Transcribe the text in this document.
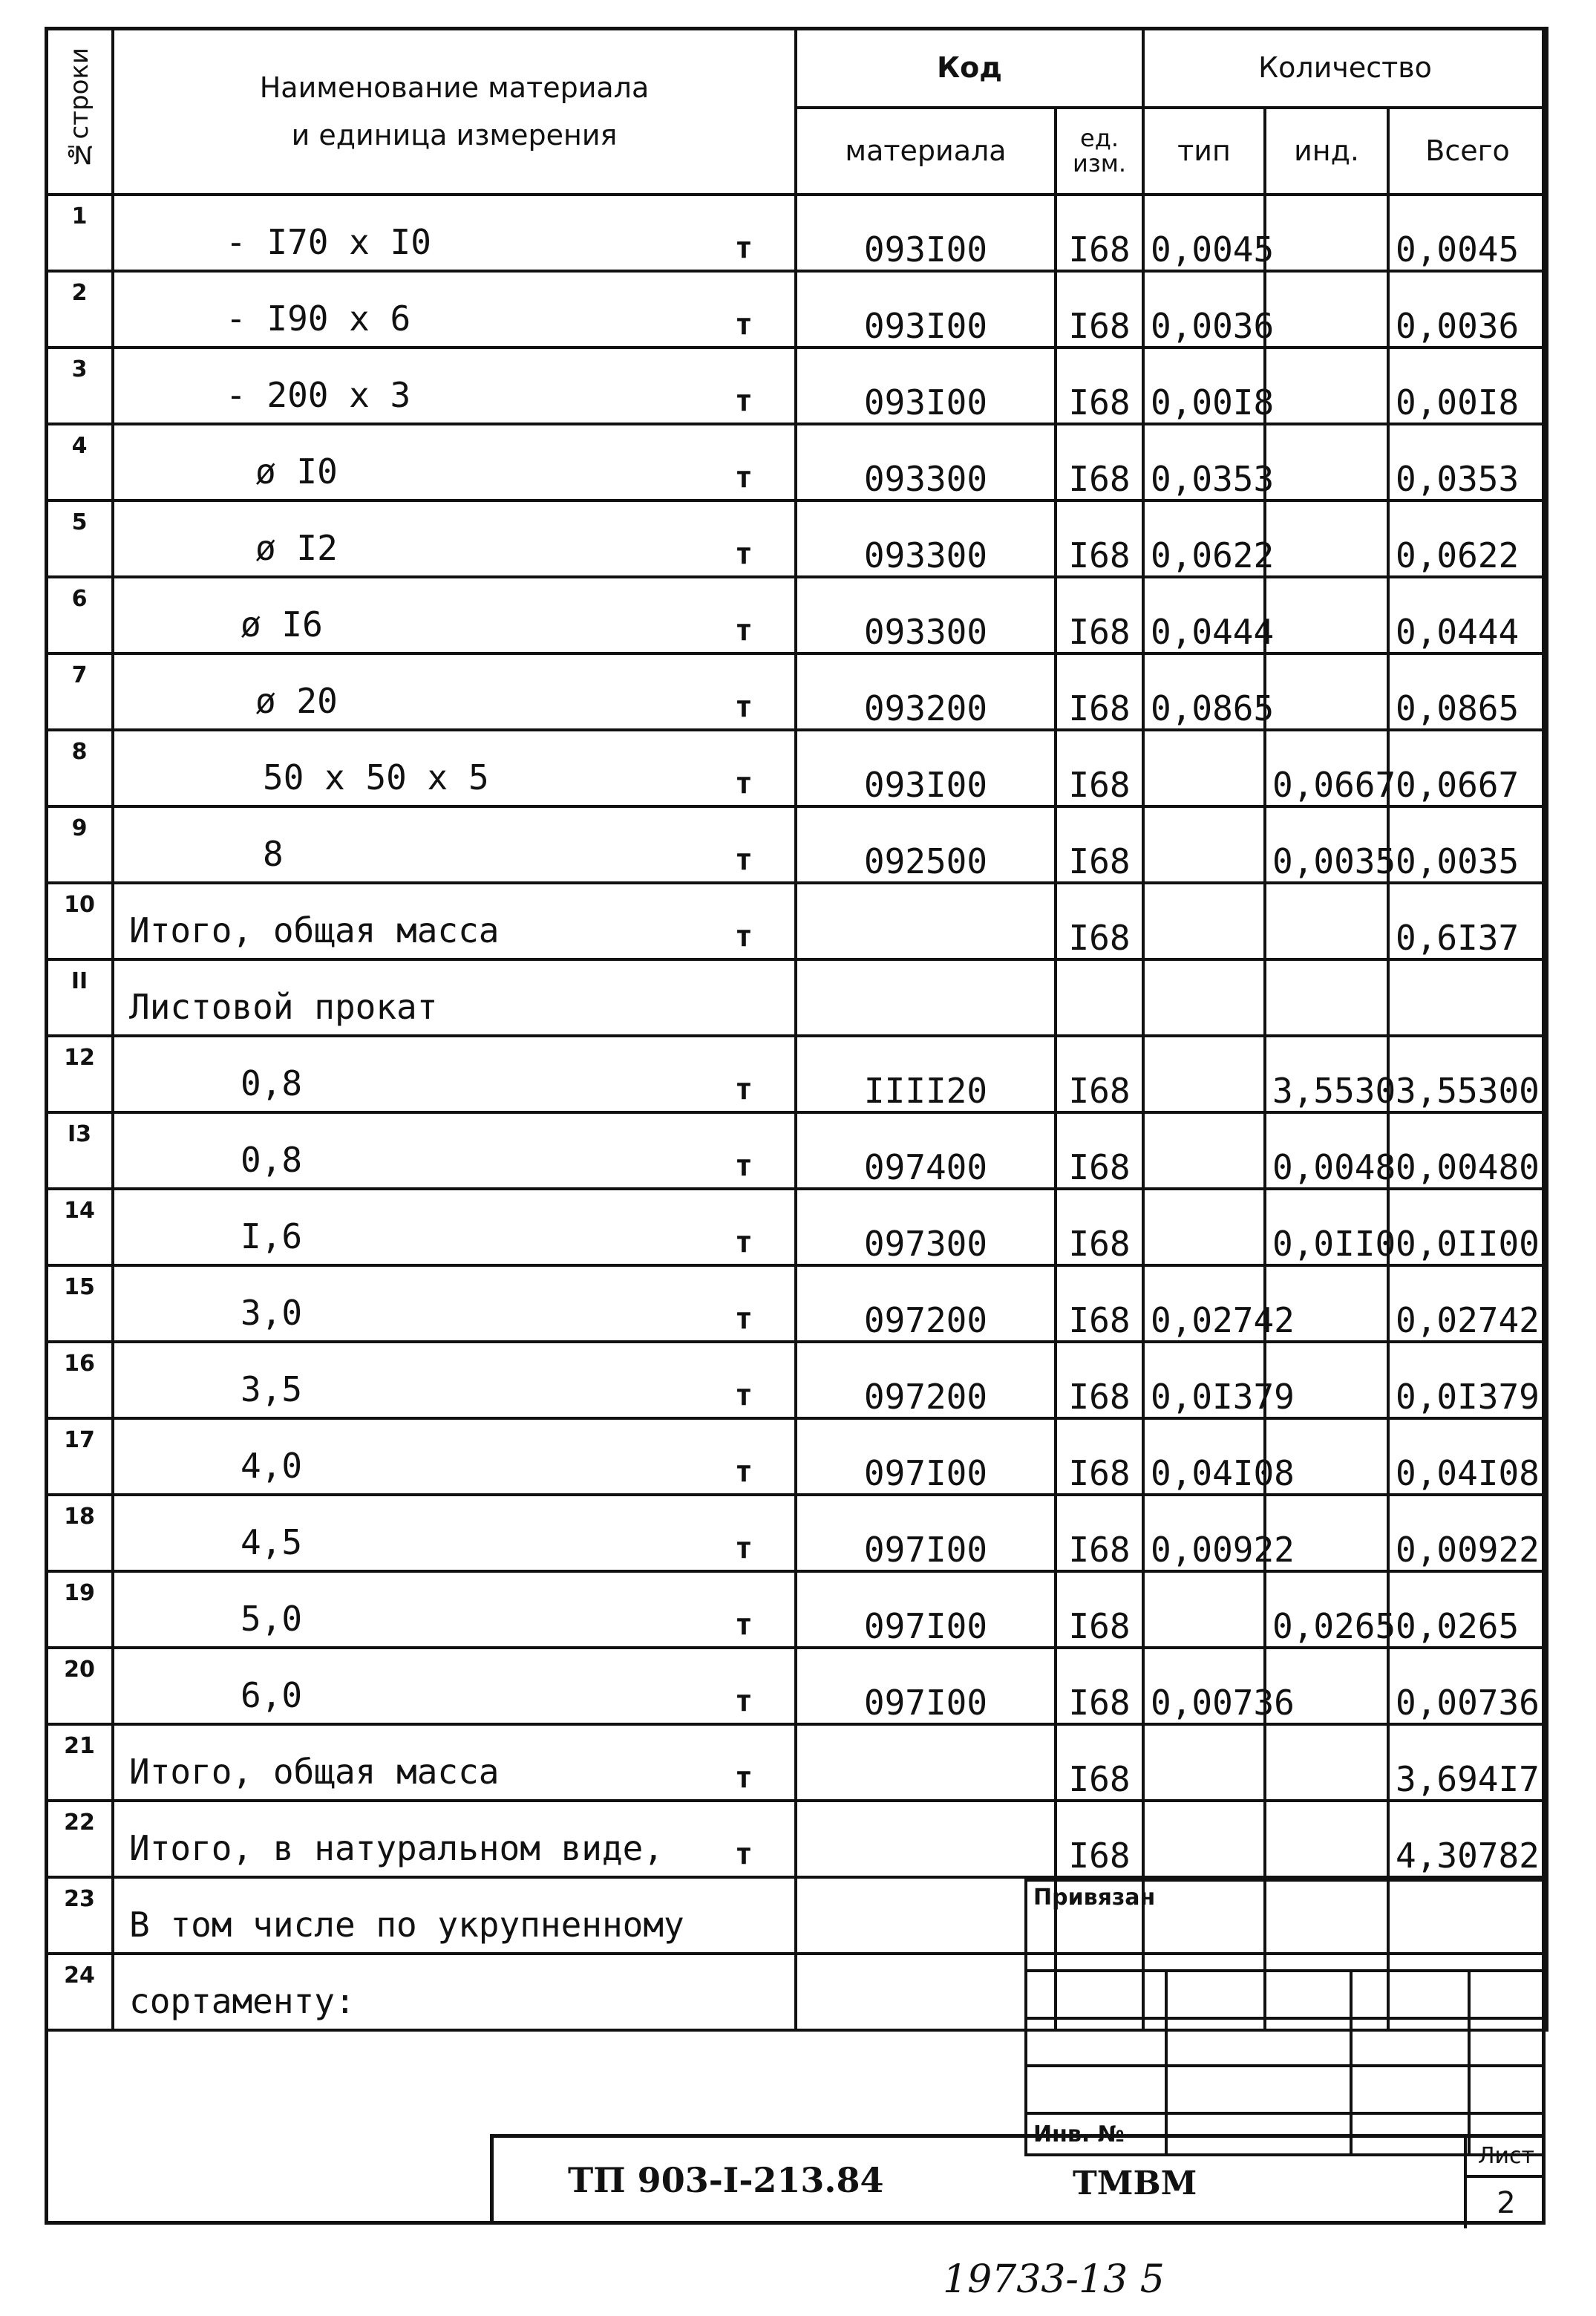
№строки	Наименование материала
и единица измерения	Код		Количество		
		материала	ед. изм.	тип	инд.	Всего
1	- I70 x I0 т	093I00	I68	0,0045		0,0045
2	- I90 x 6 т	093I00	I68	0,0036		0,0036
3	- 200 x 3 т	093I00	I68	0,00I8		0,00I8
4	ø I0 т	093300	I68	0,0353		0,0353
5	ø I2 т	093300	I68	0,0622		0,0622
6	ø I6 т	093300	I68	0,0444		0,0444
7	ø 20 т	093200	I68	0,0865		0,0865
8	50 x 50 x 5 т	093I00	I68		0,0667	0,0667
9	8 т	092500	I68		0,0035	0,0035
10	Итого, общая масса т		I68			0,6I37
II	Листовой прокат					

12	0,8 т	IIII20	I68		3,5530	3,55300
I3	0,8 т	097400	I68		0,0048	0,00480
14	I,6 т	097300	I68		0,0II0	0,0II00
15	3,0 т	097200	I68	0,02742		0,02742
16	3,5 т	097200	I68	0,0I379		0,0I379
17	4,0 т	097I00	I68	0,04I08		0,04I08
18	4,5 т	097I00	I68	0,00922		0,00922
19	5,0 т	097I00	I68		0,0265	0,0265
20	6,0 т	097I00	I68	0,00736		0,00736
21	Итого, общая масса т		I68			3,694I7
22	Итого, в натуральном виде, т		I68			4,30782
23	В том числе по укрупненному					

24	сортаменту:					

Привязан			

Инв. №			
ТП 903-I-213.84	ТМВМ
Лист
2
19733-13 5
